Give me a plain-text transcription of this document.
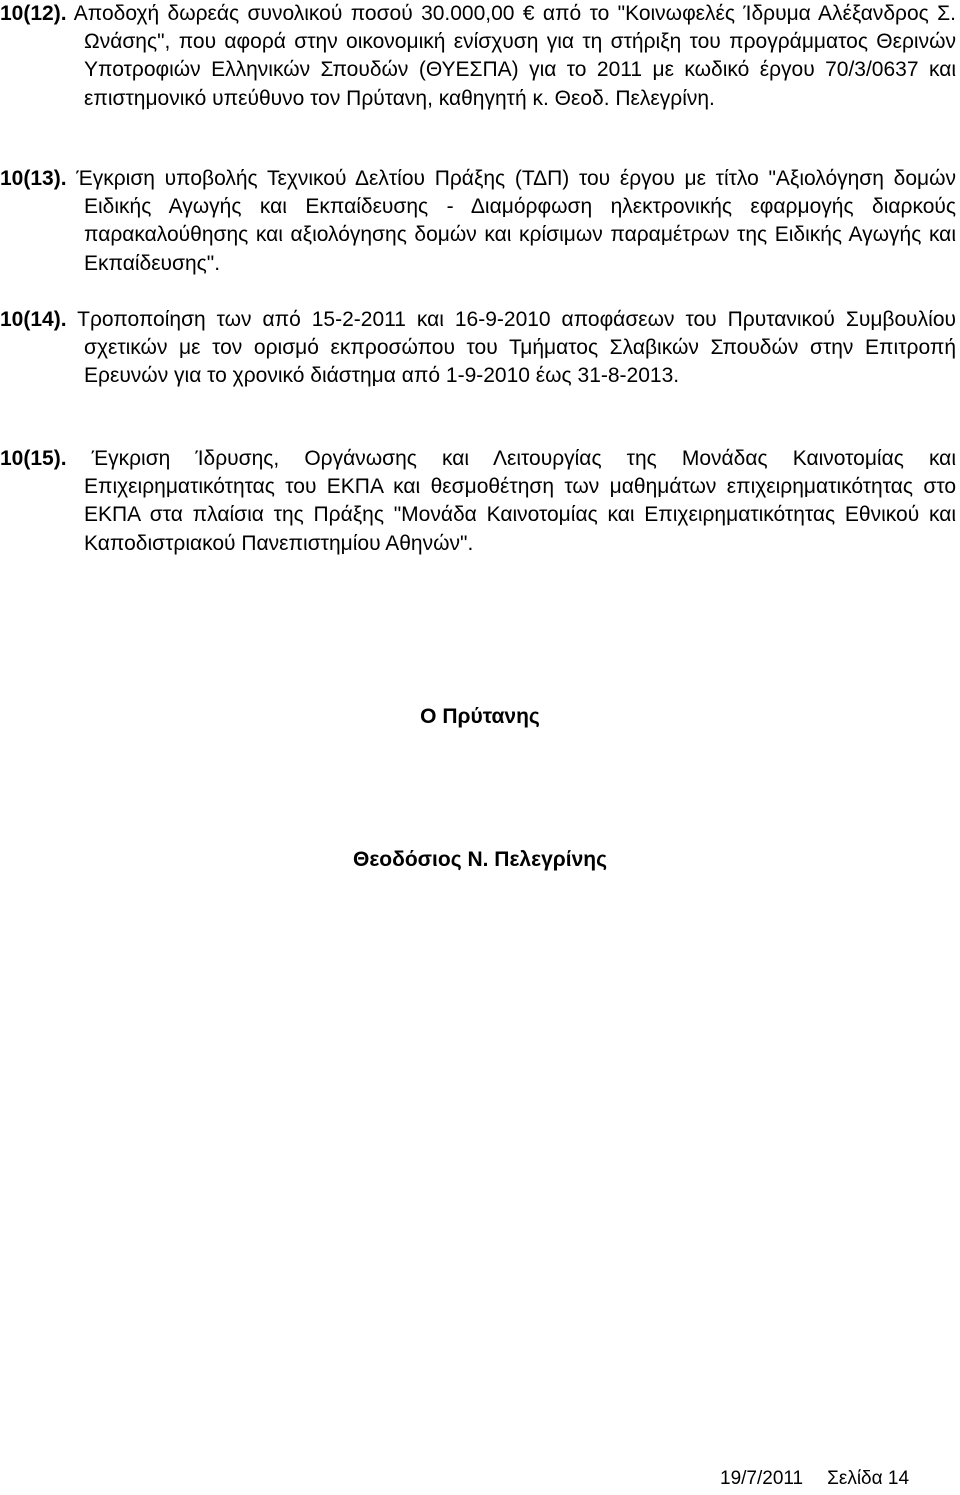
10(12). Αποδοχή δωρεάς συνολικού ποσού 30.000,00 € από το "Κοινωφελές Ίδρυμα Αλέξανδρος Σ. Ωνάσης", που αφορά στην οικονομική ενίσχυση για τη στήριξη του προγράμματος Θερινών Υποτροφιών Ελληνικών Σπουδών (ΘΥΕΣΠΑ) για το 2011 με κωδικό έργου 70/3/0637 και επιστημονικό υπεύθυνο τον Πρύτανη, καθηγητή κ. Θεοδ. Πελεγρίνη.

10(13). Έγκριση υποβολής Τεχνικού Δελτίου Πράξης (ΤΔΠ) του έργου με τίτλο "Αξιολόγηση δομών Ειδικής Αγωγής και Εκπαίδευσης - Διαμόρφωση ηλεκτρονικής εφαρμογής διαρκούς παρακαλούθησης και αξιολόγησης δομών και κρίσιμων παραμέτρων της Ειδικής Αγωγής και Εκπαίδευσης".

10(14). Τροποποίηση των από 15-2-2011 και 16-9-2010 αποφάσεων του Πρυτανικού Συμβουλίου σχετικών με τον ορισμό εκπροσώπου του Τμήματος Σλαβικών Σπουδών στην Επιτροπή Ερευνών για το χρονικό διάστημα από 1-9-2010 έως 31-8-2013.

10(15). Έγκριση Ίδρυσης, Οργάνωσης και Λειτουργίας της Μονάδας Καινοτομίας και Επιχειρηματικότητας του ΕΚΠΑ και θεσμοθέτηση των μαθημάτων επιχειρηματικότητας στο ΕΚΠΑ στα πλαίσια της Πράξης "Μονάδα Καινοτομίας και Επιχειρηματικότητας Εθνικού και Καποδιστριακού Πανεπιστημίου Αθηνών".

Ο Πρύτανης
Θεοδόσιος Ν. Πελεγρίνης
19/7/2011 Σελίδα 14
